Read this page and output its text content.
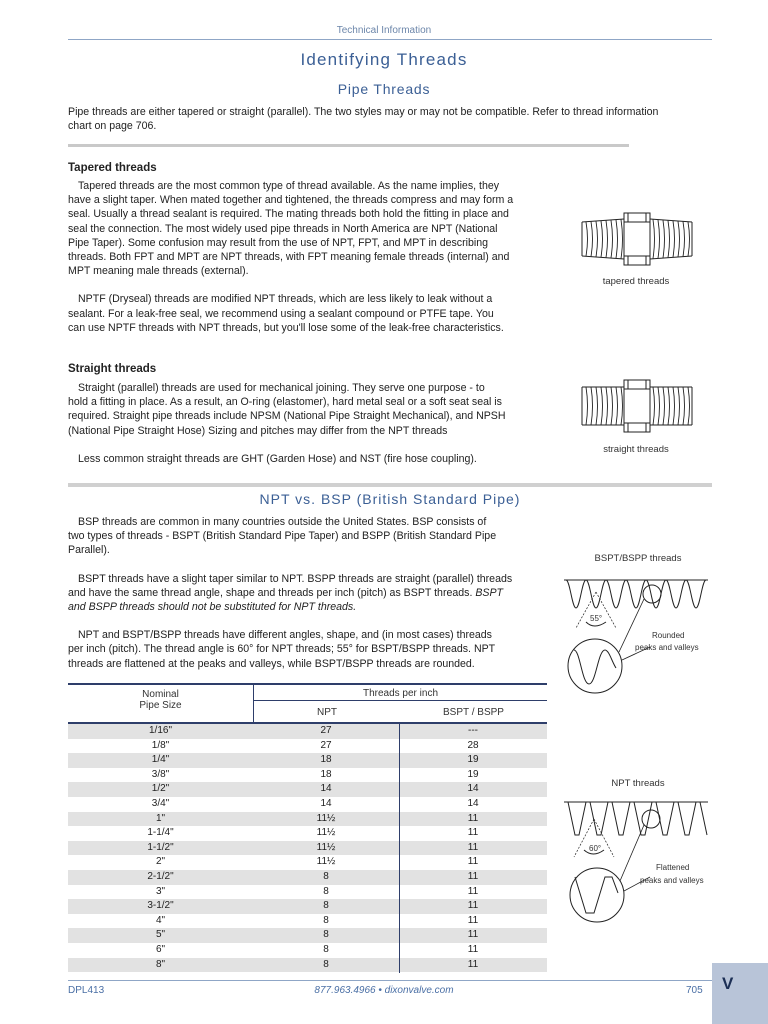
Technical Information
Identifying Threads
Pipe Threads

Pipe threads are either tapered or straight (parallel). The two styles may or may not be compatible. Refer to thread information

chart on page 706.

Tapered threads

Tapered threads are the most common type of thread available. As the name implies, they

have a slight taper. When mated together and tightened, the threads compress and may form a

seal. Usually a thread sealant is required. The mating threads both hold the fitting in place and

seal the connection. The most widely used pipe threads in North America are NPT (National

Pipe Taper). Some confusion may result from the use of NPT, FPT, and MPT in describing

threads. Both FPT and MPT are NPT threads, with FPT meaning female threads (internal) and

MPT meaning male threads (external).

NPTF (Dryseal) threads are modified NPT threads, which are less likely to leak without a

sealant. For a leak-free seal, we recommend using a sealant compound or PTFE tape. You

can use NPTF threads with NPT threads, but you'll lose some of the leak-free characteristics.

tapered threads
Straight threads

Straight (parallel) threads are used for mechanical joining. They serve one purpose - to

hold a fitting in place. As a result, an O-ring (elastomer), hard metal seal or a soft seat seal is

required. Straight pipe threads include NPSM (National Pipe Straight Mechanical), and NPSH

(National Pipe Straight Hose) Sizing and pitches may differ from the NPT threads

Less common straight threads are GHT (Garden Hose) and NST (fire hose coupling).

straight threads
NPT vs. BSP (British Standard Pipe)

BSP threads are common in many countries outside the United States. BSP consists of

two types of threads - BSPT (British Standard Pipe Taper) and BSPP (British Standard Pipe

Parallel).

BSPT threads have a slight taper similar to NPT. BSPP threads are straight (parallel) threads

and have the same thread angle, shape and threads per inch (pitch) as BSPT threads. BSPT

and BSPP threads should not be substituted for NPT threads.

NPT and BSPT/BSPP threads have different angles, shape, and (in most cases) threads

per inch (pitch). The thread angle is 60° for NPT threads; 55° for BSPT/BSPP threads. NPT

threads are flattened at the peaks and valleys, while BSPT/BSPP threads are rounded.

BSPT/BSPP threads
55°
Rounded
peaks and valleys
NPT threads
60°
Flattened
peaks and valleys
Nominal
Pipe Size
Threads per inch
NPT	BSPT / BSPP
1/16"	27	---
1/8"	27	28
1/4"	18	19
3/8"	18	19
1/2"	14	14
3/4"	14	14
1"	11½	11
1-1/4"	11½	11
1-1/2"	11½	11
2"	11½	11
2-1/2"	8	11
3"	8	11
3-1/2"	8	11
4"	8	11
5"	8	11
6"	8	11
8"	8	11
DPL413	877.963.4966 • dixonvalve.com	705 V
